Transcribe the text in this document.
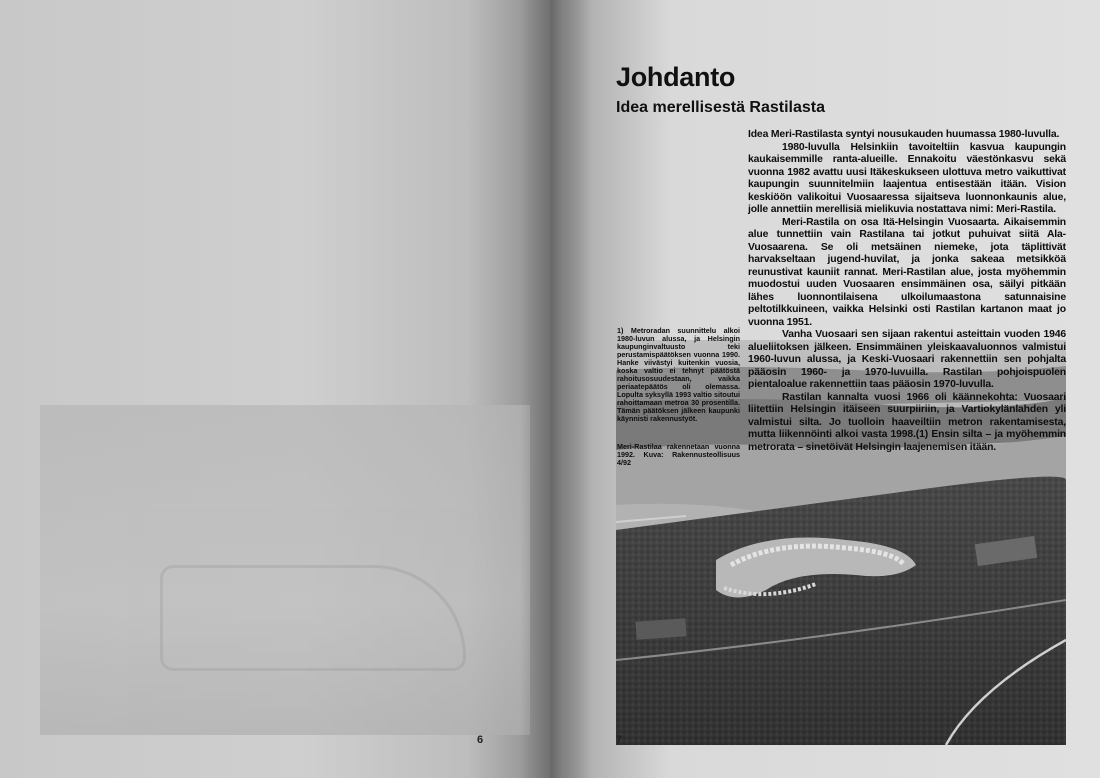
6
Johdanto
Idea merellisestä Rastilasta

Idea Meri-Rastilasta syntyi nousukauden huumassa 1980-luvulla.

1980-luvulla Helsinkiin tavoiteltiin kasvua kaupungin kaukaisemmille ranta-alueille. Ennakoitu väestönkasvu sekä vuonna 1982 avattu uusi Itäkeskukseen ulottuva metro vaikuttivat kaupungin suunnitelmiin laajentua entisestään itään. Vision keskiöön valikoitui Vuosaaressa sijaitseva luonnonkaunis alue, jolle annettiin merellisiä mielikuvia nostattava nimi: Meri-Rastila.

Meri-Rastila on osa Itä-Helsingin Vuosaarta. Aikaisemmin alue tunnettiin vain Rastilana tai jotkut puhuivat siitä Ala-Vuosaarena. Se oli metsäinen niemeke, jota täplittivät harvakseltaan jugend-huvilat, ja jonka sakeaa metsikköä reunustivat kauniit rannat. Meri-Rastilan alue, josta myöhemmin muodostui uuden Vuosaaren ensimmäinen osa, säilyi pitkään lähes luonnontilaisena ulkoilumaastona satunnaisine peltotilkkuineen, vaikka Helsinki osti Rastilan kartanon maat jo vuonna 1951.

Vanha Vuosaari sen sijaan rakentui asteittain vuoden 1946 alueliitoksen jälkeen. Ensimmäinen yleiskaavaluonnos valmistui 1960-luvun alussa, ja Keski-Vuosaari rakennettiin sen pohjalta pääosin 1960- ja 1970-luvuilla. Rastilan pohjoispuolen pientaloalue rakennettiin taas pääosin 1970-luvulla.

Rastilan kannalta vuosi 1966 oli käännekohta: Vuosaari liitettiin Helsingin itäiseen suurpiiriin, ja Vartiokylänlahden yli valmistui silta. Jo tuolloin haaveiltiin metron rakentamisesta, mutta liikennöinti alkoi vasta 1998.(1) Ensin silta – ja myöhemmin metrorata – sinetöivät Helsingin laajenemisen itään.

1) Metroradan suunnittelu alkoi 1980-luvun alussa, ja Helsingin kaupunginvaltuusto teki perustamispäätöksen vuonna 1990. Hanke viivästyi kuitenkin vuosia, koska valtio ei tehnyt päätöstä rahoitusosuudestaan, vaikka periaatepäätös oli olemassa. Lopulta syksyllä 1993 valtio sitoutui rahoittamaan metroa 30 prosentilla. Tämän päätöksen jälkeen kaupunki käynnisti rakennustyöt.

Meri-Rastilaa rakennetaan vuonna 1992. Kuva: Rakennusteollisuus 4/92

7
